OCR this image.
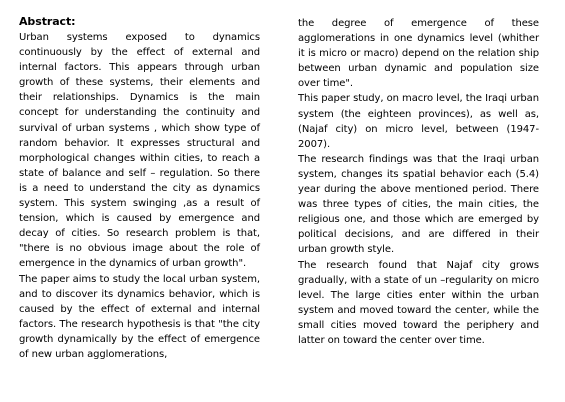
Abstract:

Urban systems exposed to dynamics continuously by the effect of external and internal factors. This appears through urban growth of these systems, their elements and their relationships. Dynamics is the main concept for understanding the continuity and survival of urban systems , which show type of random behavior. It expresses structural and morphological changes within cities, to reach a state of balance and self – regulation. So there is a need to understand the city as dynamics system. This system swinging ,as a result of tension, which is caused by emergence and decay of cities. So research problem is that, "there is no obvious image about the role of emergence in the dynamics of urban growth".

The paper aims to study the local urban system, and to discover its dynamics behavior, which is caused by the effect of external and internal factors. The research hypothesis is that "the city growth dynamically by the effect of emergence of new urban agglomerations,

the degree of emergence of these agglomerations in one dynamics level (whither it is micro or macro) depend on the relation ship between urban dynamic and population size over time".

This paper study, on macro level, the Iraqi urban system (the eighteen provinces), as well as, (Najaf city) on micro level, between (1947-2007).

The research findings was that the Iraqi urban system, changes its spatial behavior each (5.4) year during the above mentioned period. There was three types of cities, the main cities, the religious one, and those which are emerged by political decisions, and are differed in their urban growth style.

The research found that Najaf city grows gradually, with a state of un –regularity on micro level. The large cities enter within the urban system and moved toward the center, while the small cities moved toward the periphery and latter on toward the center over time.
